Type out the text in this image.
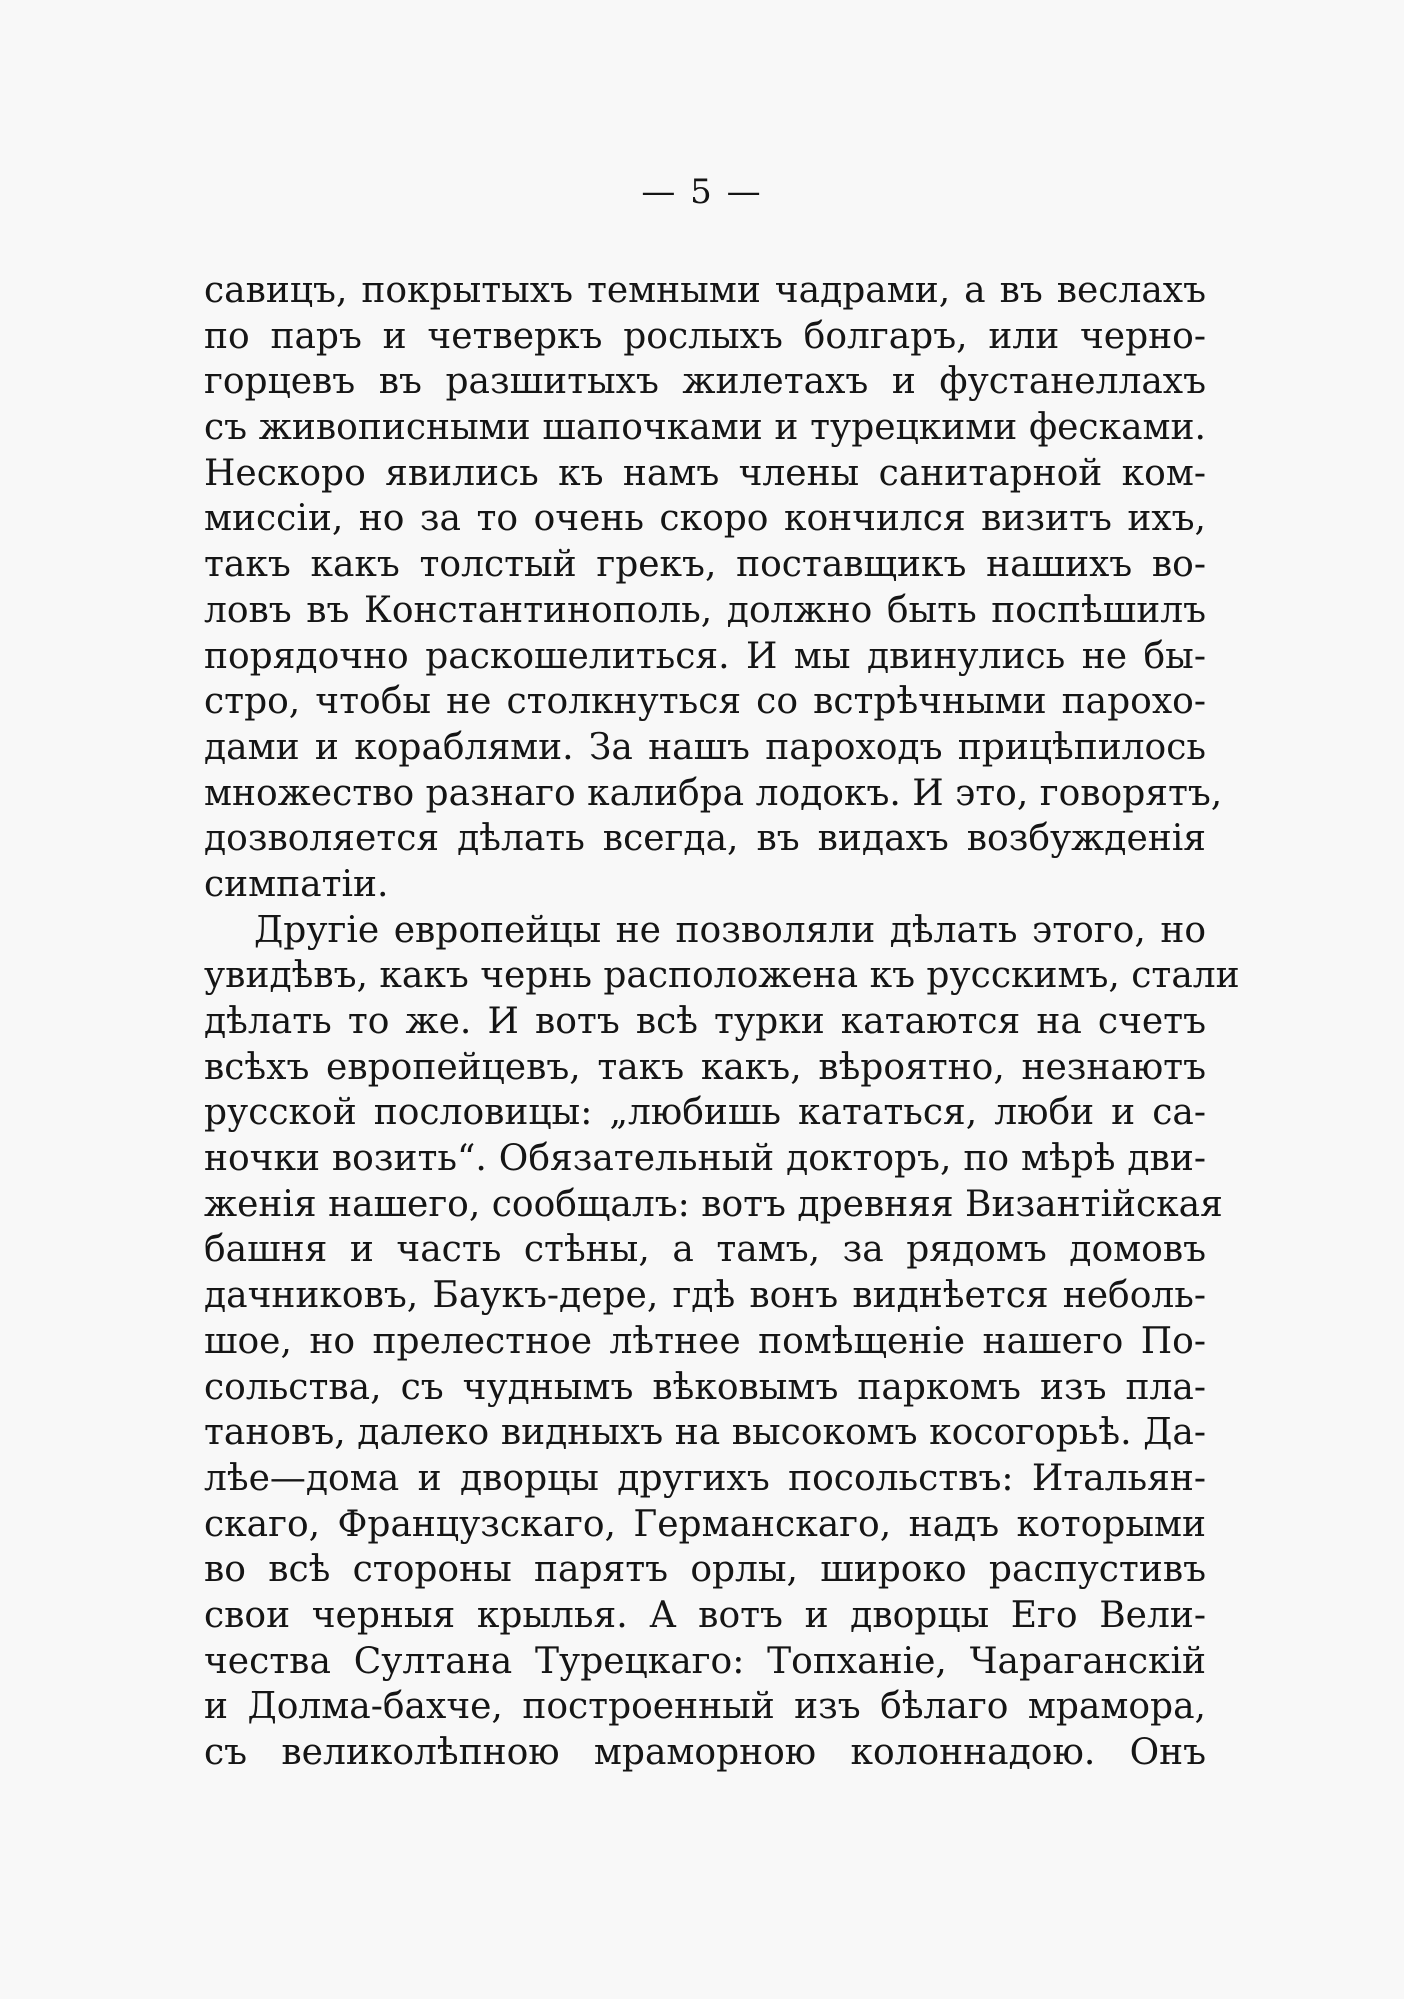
— 5 —
савицъ, покрытыхъ темными чадрами, а въ веслахъ
по паръ и четверкъ рослыхъ болгаръ, или черно-
горцевъ въ разшитыхъ жилетахъ и фустанеллахъ
съ живописными шапочками и турецкими фесками.
Нескоро явились къ намъ члены санитарной ком-
миссіи, но за то очень скоро кончился визитъ ихъ,
такъ какъ толстый грекъ, поставщикъ нашихъ во-
ловъ въ Константинополь, должно быть поспѣшилъ
порядочно раскошелиться. И мы двинулись не бы-
стро, чтобы не столкнуться со встрѣчными парохо-
дами и кораблями. За нашъ пароходъ прицѣпилось
множество разнаго калибра лодокъ. И это, говорятъ,
дозволяется дѣлать всегда, въ видахъ возбужденія
симпатіи.
Другіе европейцы не позволяли дѣлать этого, но
увидѣвъ, какъ чернь расположена къ русскимъ, стали
дѣлать то же. И вотъ всѣ турки катаются на счетъ
всѣхъ европейцевъ, такъ какъ, вѣроятно, незнаютъ
русской пословицы: „любишь кататься, люби и са-
ночки возить“. Обязательный докторъ, по мѣрѣ дви-
женія нашего, сообщалъ: вотъ древняя Византійская
башня и часть стѣны, а тамъ, за рядомъ домовъ
дачниковъ, Баукъ-дере, гдѣ вонъ виднѣется неболь-
шое, но прелестное лѣтнее помѣщеніе нашего По-
сольства, съ чуднымъ вѣковымъ паркомъ изъ пла-
тановъ, далеко видныхъ на высокомъ косогорьѣ. Да-
лѣе—дома и дворцы другихъ посольствъ: Итальян-
скаго, Французскаго, Германскаго, надъ которыми
во всѣ стороны парятъ орлы, широко распустивъ
свои черныя крылья. А вотъ и дворцы Его Вели-
чества Султана Турецкаго: Топханіе, Чараганскій
и Долма-бахче, построенный изъ бѣлаго мрамора,
съ великолѣпною мраморною колоннадою. Онъ
